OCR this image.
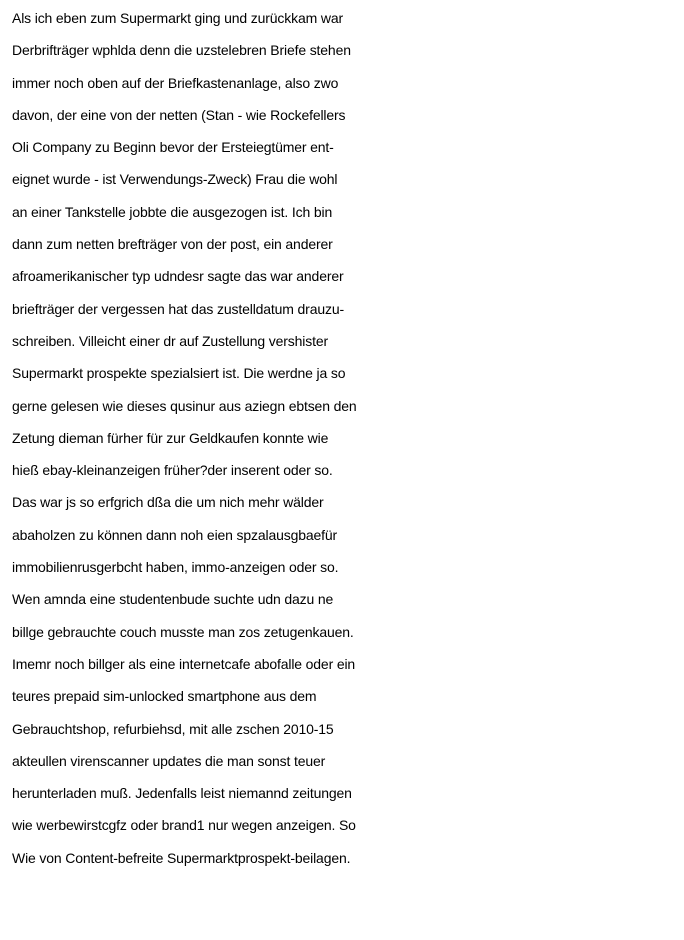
Als ich eben zum Supermarkt ging und zurückkam war
Derbrifträger wphlda denn die uzstelebren Briefe stehen
immer noch oben auf der Briefkastenanlage, also zwo
davon, der eine von der netten (Stan - wie Rockefellers
Oli Company zu Beginn bevor der Ersteiegtümer ent-
eignet wurde - ist Verwendungs-Zweck) Frau die wohl
an einer Tankstelle jobbte die ausgezogen ist. Ich bin
dann zum netten brefträger von der post, ein anderer
afroamerikanischer typ udndesr sagte das war anderer
briefträger der vergessen hat das zustelldatum drauzu-
schreiben. Villeicht einer dr auf Zustellung vershister
Supermarkt prospekte spezialsiert ist. Die werdne ja so
gerne gelesen wie dieses qusinur aus aziegn ebtsen den
Zetung dieman fürher für zur Geldkaufen konnte wie
hieß ebay-kleinanzeigen früher?der inserent oder so.
Das war js so erfgrich dßa die um nich mehr wälder
abaholzen zu können dann noh eien spzalausgbaefür
immobilienrusgerbcht haben, immo-anzeigen oder so.
Wen amnda eine studentenbude suchte udn dazu ne
billge gebrauchte couch musste man zos zetugenkauen.
Imemr noch billger als eine internetcafe abofalle oder ein
teures prepaid sim-unlocked smartphone aus dem
Gebrauchtshop, refurbiehsd, mit alle zschen 2010-15
akteullen virenscanner updates die man sonst teuer
herunterladen muß. Jedenfalls leist niemannd zeitungen
wie werbewirstcgfz oder brand1 nur wegen anzeigen. So
Wie von Content-befreite Supermarktprospekt-beilagen.
